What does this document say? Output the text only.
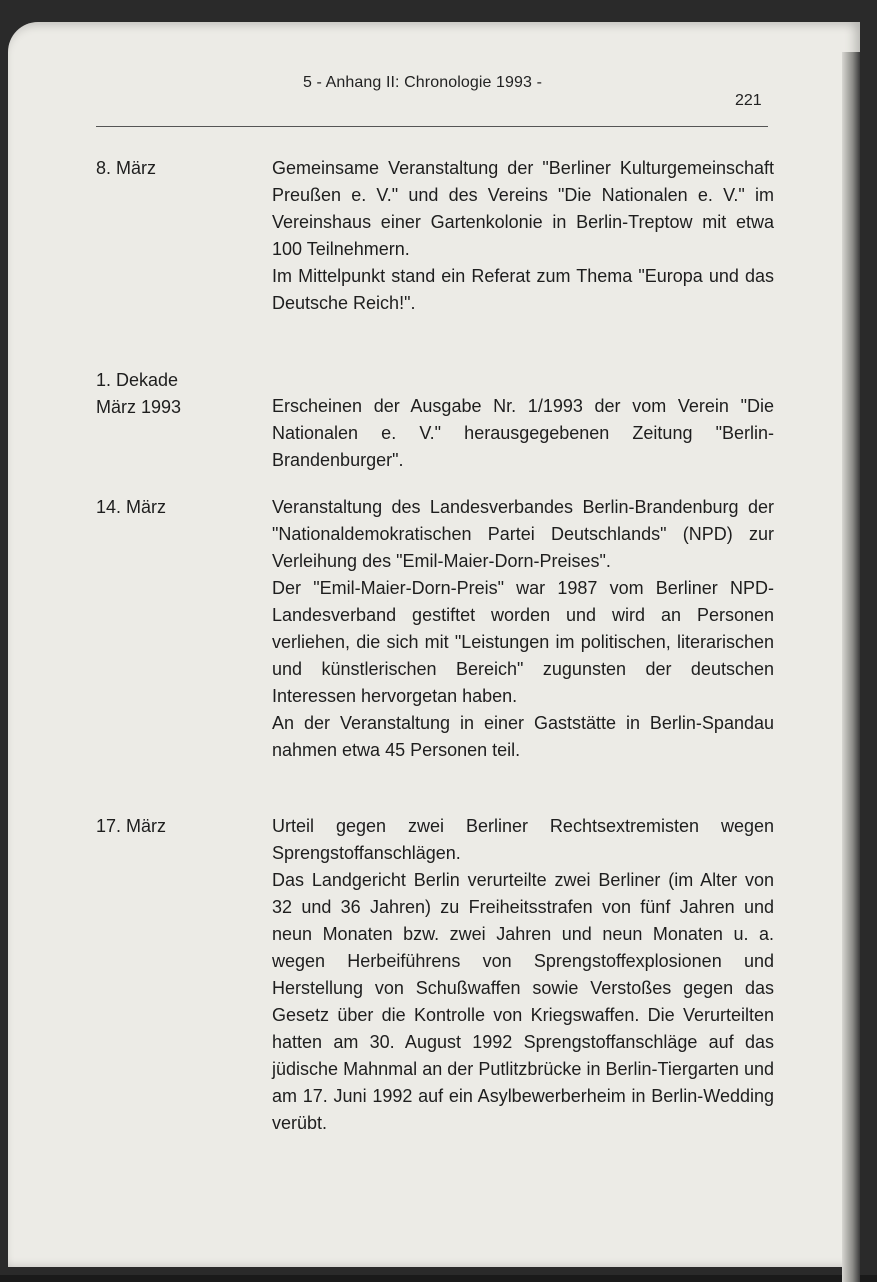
5 - Anhang II: Chronologie 1993 -
221
8. März	Gemeinsame Veranstaltung der "Berliner Kulturgemeinschaft Preußen e. V." und des Vereins "Die Nationalen e. V." im Vereinshaus einer Gartenkolonie in Berlin-Treptow mit etwa 100 Teilnehmern.

Im Mittelpunkt stand ein Referat zum Thema "Europa und das Deutsche Reich!".

1. Dekade
März 1993	Erscheinen der Ausgabe Nr. 1/1993 der vom Verein "Die Nationalen e. V." herausgegebenen Zeitung "Berlin-Brandenburger".

14. März	Veranstaltung des Landesverbandes Berlin-Brandenburg der "Nationaldemokratischen Partei Deutschlands" (NPD) zur Verleihung des "Emil-Maier-Dorn-Preises".

Der "Emil-Maier-Dorn-Preis" war 1987 vom Berliner NPD-Landesverband gestiftet worden und wird an Personen verliehen, die sich mit "Leistungen im politischen, literarischen und künstlerischen Bereich" zugunsten der deutschen Interessen hervorgetan haben.

An der Veranstaltung in einer Gaststätte in Berlin-Spandau nahmen etwa 45 Personen teil.

17. März	Urteil gegen zwei Berliner Rechtsextremisten wegen Sprengstoffanschlägen.

Das Landgericht Berlin verurteilte zwei Berliner (im Alter von 32 und 36 Jahren) zu Freiheitsstrafen von fünf Jahren und neun Monaten bzw. zwei Jahren und neun Monaten u. a. wegen Herbeiführens von Sprengstoffexplosionen und Herstellung von Schußwaffen sowie Verstoßes gegen das Gesetz über die Kontrolle von Kriegswaffen. Die Verurteilten hatten am 30. August 1992 Sprengstoffanschläge auf das jüdische Mahnmal an der Putlitzbrücke in Berlin-Tiergarten und am 17. Juni 1992 auf ein Asylbewerberheim in Berlin-Wedding verübt.
